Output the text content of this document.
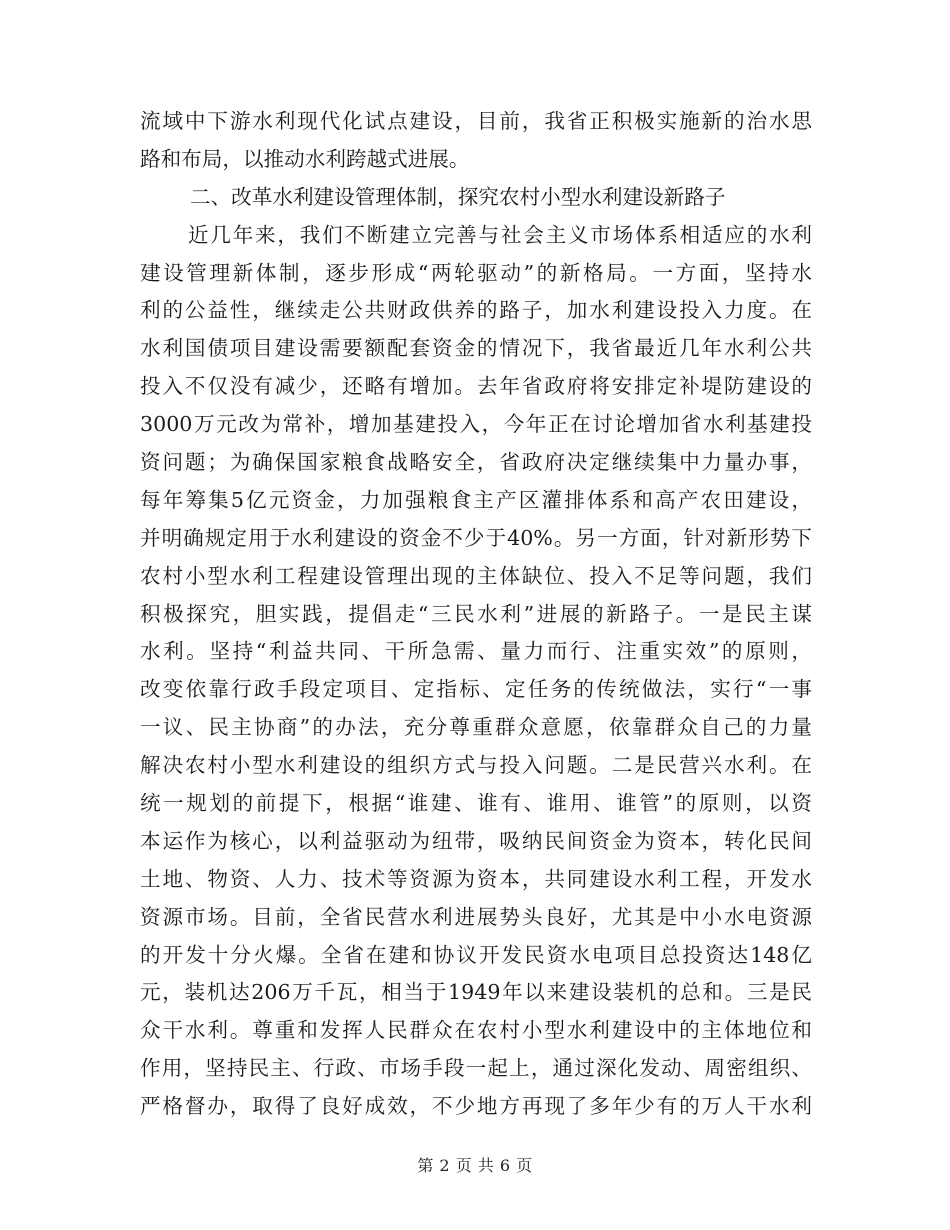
流域中下游水利现代化试点建设，目前，我省正积极实施新的治水思
路和布局，以推动水利跨越式进展。
二、改革水利建设管理体制，探究农村小型水利建设新路子
近几年来，我们不断建立完善与社会主义市场体系相适应的水利
建设管理新体制，逐步形成“两轮驱动”的新格局。一方面，坚持水
利的公益性，继续走公共财政供养的路子，加水利建设投入力度。在
水利国债项目建设需要额配套资金的情况下，我省最近几年水利公共
投入不仅没有减少，还略有增加。去年省政府将安排定补堤防建设的
3000万元改为常补，增加基建投入，今年正在讨论增加省水利基建投
资问题；为确保国家粮食战略安全，省政府决定继续集中力量办事，
每年筹集5亿元资金，力加强粮食主产区灌排体系和高产农田建设，
并明确规定用于水利建设的资金不少于40%。另一方面，针对新形势下
农村小型水利工程建设管理出现的主体缺位、投入不足等问题，我们
积极探究，胆实践，提倡走“三民水利”进展的新路子。一是民主谋
水利。坚持“利益共同、干所急需、量力而行、注重实效”的原则，
改变依靠行政手段定项目、定指标、定任务的传统做法，实行“一事
一议、民主协商”的办法，充分尊重群众意愿，依靠群众自己的力量
解决农村小型水利建设的组织方式与投入问题。二是民营兴水利。在
统一规划的前提下，根据“谁建、谁有、谁用、谁管”的原则，以资
本运作为核心，以利益驱动为纽带，吸纳民间资金为资本，转化民间
土地、物资、人力、技术等资源为资本，共同建设水利工程，开发水
资源市场。目前，全省民营水利进展势头良好，尤其是中小水电资源
的开发十分火爆。全省在建和协议开发民资水电项目总投资达148亿
元，装机达206万千瓦，相当于1949年以来建设装机的总和。三是民
众干水利。尊重和发挥人民群众在农村小型水利建设中的主体地位和
作用，坚持民主、行政、市场手段一起上，通过深化发动、周密组织、
严格督办，取得了良好成效，不少地方再现了多年少有的万人干水利
第 2 页 共 6 页
